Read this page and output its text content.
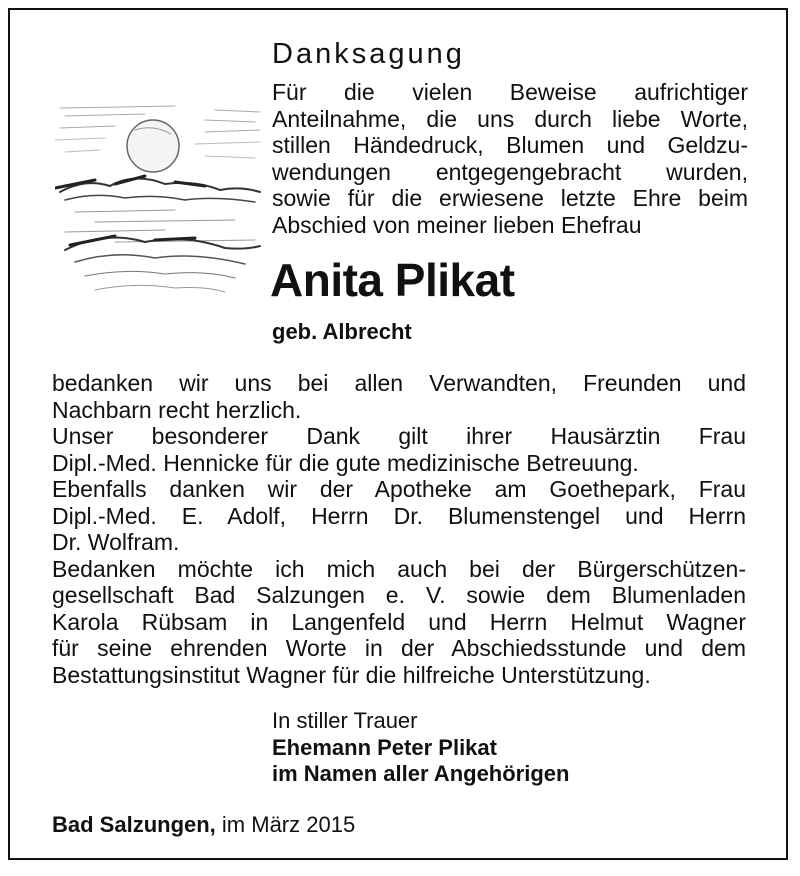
Danksagung
Für die vielen Beweise aufrichtiger
Anteilnahme, die uns durch liebe Worte,
stillen Händedruck, Blumen und Geldzu-
wendungen entgegengebracht wurden,
sowie für die erwiesene letzte Ehre beim
Abschied von meiner lieben Ehefrau
Anita Plikat
geb. Albrecht
bedanken wir uns bei allen Verwandten, Freunden und
Nachbarn recht herzlich.
Unser besonderer Dank gilt ihrer Hausärztin Frau
Dipl.-Med. Hennicke für die gute medizinische Betreuung.
Ebenfalls danken wir der Apotheke am Goethepark, Frau
Dipl.-Med. E. Adolf, Herrn Dr. Blumenstengel und Herrn
Dr. Wolfram.
Bedanken möchte ich mich auch bei der Bürgerschützen-
gesellschaft Bad Salzungen e. V. sowie dem Blumenladen
Karola Rübsam in Langenfeld und Herrn Helmut Wagner
für seine ehrenden Worte in der Abschiedsstunde und dem
Bestattungsinstitut Wagner für die hilfreiche Unterstützung.
In stiller Trauer
Ehemann Peter Plikat
im Namen aller Angehörigen
Bad Salzungen, im März 2015
